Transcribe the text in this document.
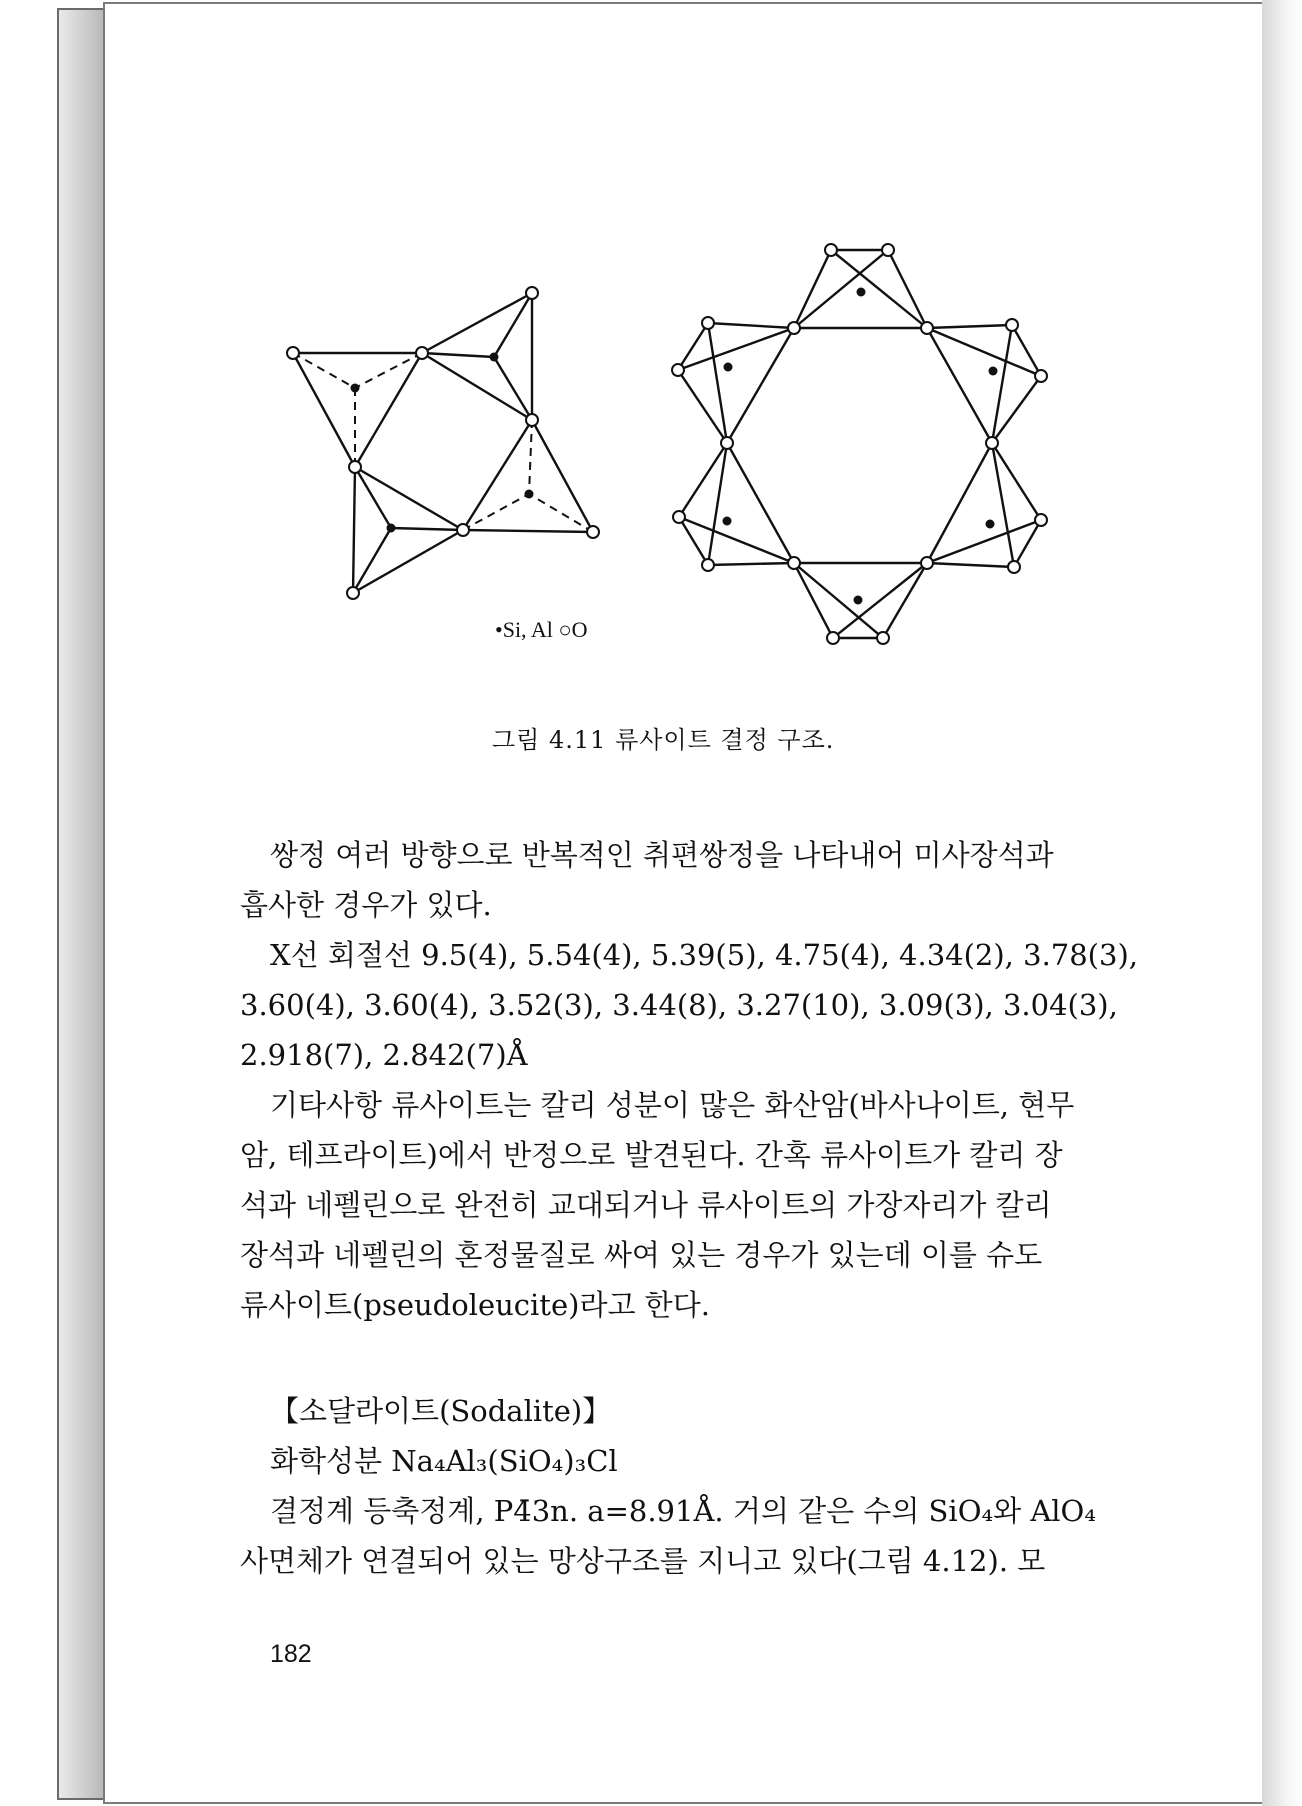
•Si, Al ○O
그림 4.11 류사이트 결정 구조.
쌍정 여러 방향으로 반복적인 취편쌍정을 나타내어 미사장석과
흡사한 경우가 있다.
X선 회절선 9.5(4), 5.54(4), 5.39(5), 4.75(4), 4.34(2), 3.78(3),
3.60(4), 3.60(4), 3.52(3), 3.44(8), 3.27(10), 3.09(3), 3.04(3),
2.918(7), 2.842(7)Å
기타사항 류사이트는 칼리 성분이 많은 화산암(바사나이트, 현무
암, 테프라이트)에서 반정으로 발견된다. 간혹 류사이트가 칼리 장
석과 네펠린으로 완전히 교대되거나 류사이트의 가장자리가 칼리
장석과 네펠린의 혼정물질로 싸여 있는 경우가 있는데 이를 슈도
류사이트(pseudoleucite)라고 한다.
【소달라이트(Sodalite)】
화학성분
Na₄Al₃(SiO₄)₃Cl
결정계 등축정계, P4̄3n. a=8.91Å. 거의 같은 수의 SiO₄와 AlO₄
사면체가 연결되어 있는 망상구조를 지니고 있다(그림 4.12). 모
182
